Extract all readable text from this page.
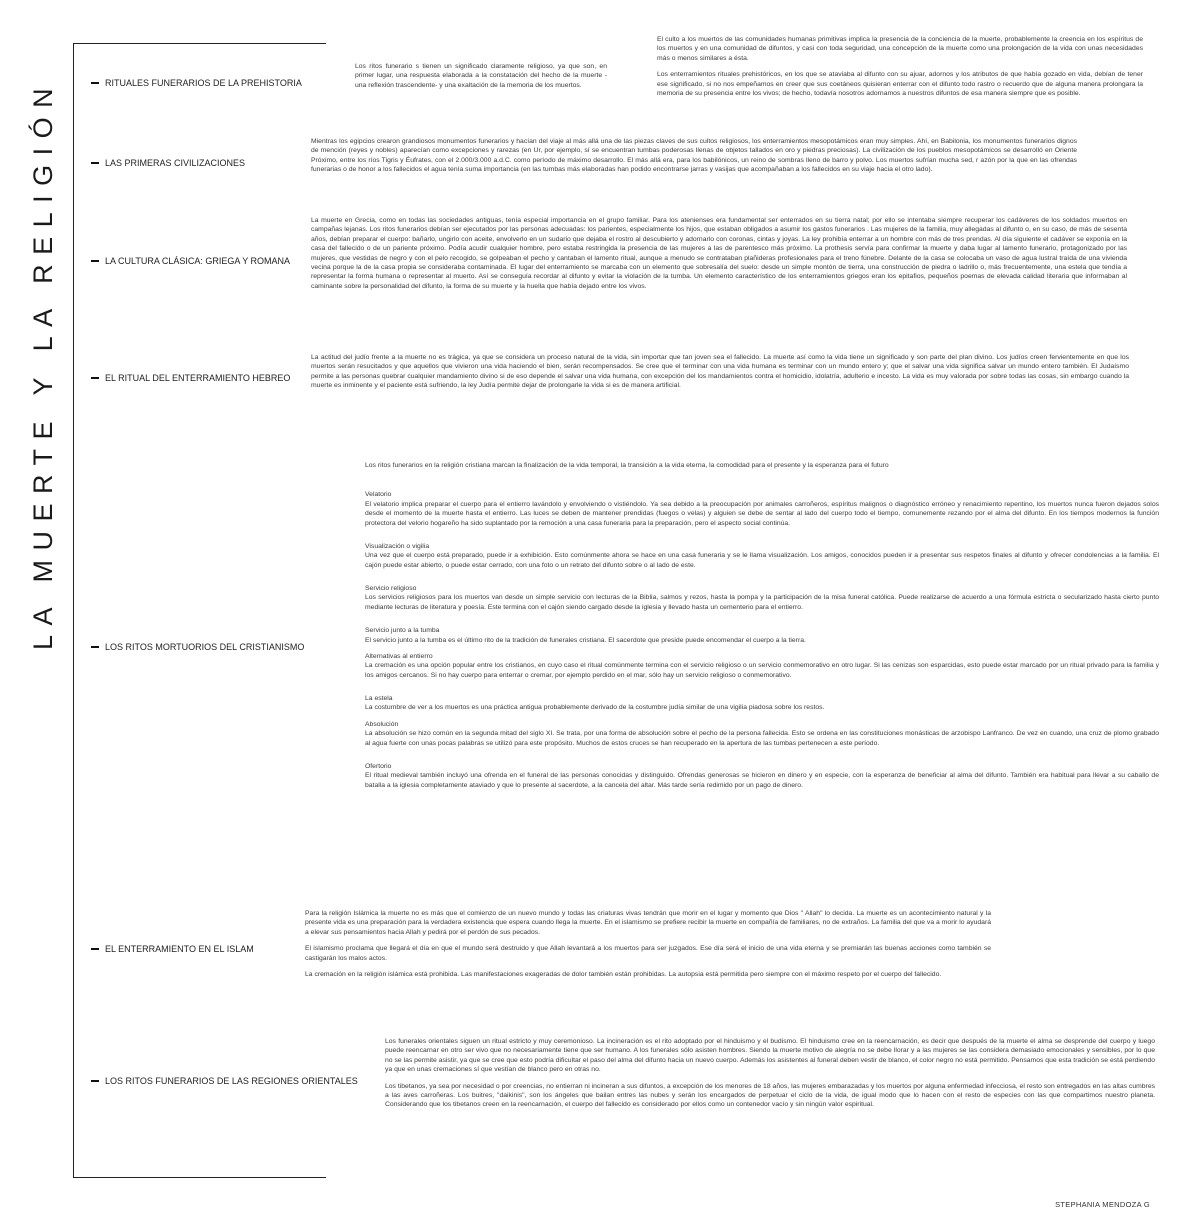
LA MUERTE Y LA RELIGIÓN	RITUALES FUNERARIOS DE LA PREHISTORIA
Los ritos funerario s tienen un significado claramente religioso, ya que son, en primer lugar, una respuesta elaborada a la constatación del hecho de la muerte -una reflexión trascendente- y una exaltación de la memoria de los muertos.

El culto a los muertos de las comunidades humanas primitivas implica la presencia de la conciencia de la muerte, probablemente la creencia en los espíritus de los muertos y en una comunidad de difuntos, y casi con toda seguridad, una concepción de la muerte como una prolongación de la vida con unas necesidades más o menos similares a ésta.

Los enterramientos rituales prehistóricos, en los que se ataviaba al difunto con su ajuar, adornos y los atributos de que había gozado en vida, debían de tener ese significado, si no nos empeñamos en creer que sus coetáneos quisieran enterrar con el difunto todo rastro o recuerdo que de alguna manera prolongara la memoria de su presencia entre los vivos; de hecho, todavía nosotros adornamos a nuestros difuntos de esa manera siempre que es posible.

LAS PRIMERAS CIVILIZACIONES
Mientras los egipcios crearon grandiosos monumentos funerarios y hacían del viaje al más allá una de las piezas claves de sus cultos religiosos, los enterramientos mesopotámicos eran muy simples. Ahí, en Babilonia, los monumentos funerarios dignos de mención (reyes y nobles) aparecían como excepciones y rarezas (en Ur, por ejemplo, sí se encuentran tumbas poderosas llenas de objetos tallados en oro y piedras preciosas). La civilización de los pueblos mesopotámicos se desarrolló en Oriente Próximo, entre los ríos Tigris y Éufrates, con el 2.000/3.000 a.d.C. como período de máximo desarrollo. El más allá era, para los babilónicos, un reino de sombras lleno de barro y polvo. Los muertos sufrían mucha sed, r azón por la que en las ofrendas funerarias o de honor a los fallecidos el agua tenía suma importancia (en las tumbas más elaboradas han podido encontrarse jarras y vasijas que acompañaban a los fallecidos en su viaje hacia el otro lado).
LA CULTURA CLÁSICA: GRIEGA Y ROMANA
La muerte en Grecia, como en todas las sociedades antiguas, tenía especial importancia en el grupo familiar. Para los atenienses era fundamental ser enterrados en su tierra natal; por ello se intentaba siempre recuperar los cadáveres de los soldados muertos en campañas lejanas. Los ritos funerarios debían ser ejecutados por las personas adecuadas: los parientes, especialmente los hijos, que estaban obligados a asumir los gastos funerarios . Las mujeres de la familia, muy allegadas al difunto o, en su caso, de más de sesenta años, debían preparar el cuerpo: bañarlo, ungirlo con aceite, envolverlo en un sudario que dejaba el rostro al descubierto y adornarlo con coronas, cintas y joyas. La ley prohibía enterrar a un hombre con más de tres prendas. Al día siguiente el cadáver se exponía en la casa del fallecido o de un pariente próximo. Podía acudir cualquier hombre, pero estaba restringida la presencia de las mujeres a las de parentesco más próximo. La prothesis servía para confirmar la muerte y daba lugar al lamento funerario, protagonizado por las mujeres, que vestidas de negro y con el pelo recogido, se golpeaban el pecho y cantaban el lamento ritual, aunque a menudo se contrataban plañideras profesionales para el treno fúnebre. Delante de la casa se colocaba un vaso de agua lustral traída de una vivienda vecina porque la de la casa propia se consideraba contaminada. El lugar del enterramiento se marcaba con un elemento que sobresalía del suelo: desde un simple montón de tierra, una construcción de piedra o ladrillo o, más frecuentemente, una estela que tendía a representar la forma humana o representar al muerto. Así se conseguía recordar al difunto y evitar la violación de la tumba. Un elemento característico de los enterramientos griegos eran los epitafios, pequeños poemas de elevada calidad literaria que informaban al caminante sobre la personalidad del difunto, la forma de su muerte y la huella que había dejado entre los vivos.
EL RITUAL DEL ENTERRAMIENTO HEBREO
La actitud del judío frente a la muerte no es trágica, ya que se considera un proceso natural de la vida, sin importar que tan joven sea el fallecido. La muerte así como la vida tiene un significado y son parte del plan divino. Los judíos creen fervientemente en que los muertos serán resucitados y que aquellos que vivieron una vida haciendo el bien, serán recompensados. Se cree que el terminar con una vida humana es terminar con un mundo entero y; que el salvar una vida significa salvar un mundo entero también. El Judaísmo permite a las personas quebrar cualquier mandamiento divino si de eso depende el salvar una vida humana, con excepción del los mandamientos contra el homicidio, idolatría, adulterio e incesto. La vida es muy valorada por sobre todas las cosas, sin embargo cuando la muerte es inminente y el paciente está sufriendo, la ley Judía permite dejar de prolongarle la vida si es de manera artificial.
LOS RITOS MORTUORIOS DEL CRISTIANISMO

Los ritos funerarios en la religión cristiana marcan la finalización de la vida temporal, la transición a la vida eterna, la comodidad para el presente y la esperanza para el futuro

Velatorio

El velatorio implica preparar el cuerpo para el entierro lavándolo y envolviendo o vistiéndolo. Ya sea debido a la preocupación por animales carroñeros, espíritus malignos o diagnóstico erróneo y renacimiento repentino, los muertos nunca fueron dejados solos desde el momento de la muerte hasta el entierro. Las luces se deben de mantener prendidas (fuegos o velas) y alguien se debe de sentar al lado del cuerpo todo el tiempo, comunemente rezando por el alma del difunto. En los tiempos modernos la función protectora del velorio hogareño ha sido suplantado por la remoción a una casa funeraria para la preparación, pero el aspecto social continúa.

Visualización o vigilia

Una vez que el cuerpo está preparado, puede ir a exhibición. Esto comúnmente ahora se hace en una casa funeraria y se le llama visualización. Los amigos, conocidos pueden ir a presentar sus respetos finales al difunto y ofrecer condolencias a la familia. El cajón puede estar abierto, o puede estar cerrado, con una foto o un retrato del difunto sobre o al lado de este.

Servicio religioso

Los servicios religiosos para los muertos van desde un simple servicio con lecturas de la Biblia, salmos y rezos, hasta la pompa y la participación de la misa funeral católica. Puede realizarse de acuerdo a una fórmula estricta o secularizado hasta cierto punto mediante lecturas de literatura y poesía. Este termina con el cajón siendo cargado desde la iglesia y llevado hasta un cementerio para el entierro.

Servicio junto a la tumba

El servicio junto a la tumba es el último rito de la tradición de funerales cristiana. El sacerdote que preside puede encomendar el cuerpo a la tierra.

Alternativas al entierro

La cremación es una opción popular entre los cristianos, en cuyo caso el ritual comúnmente termina con el servicio religioso o un servicio conmemorativo en otro lugar. Si las cenizas son esparcidas, esto puede estar marcado por un ritual privado para la familia y los amigos cercanos. Si no hay cuerpo para enterrar o cremar, por ejemplo perdido en el mar, sólo hay un servicio religioso o conmemorativo.

La estela

La costumbre de ver a los muertos es una práctica antigua probablemente derivado de la costumbre judía similar de una vigilia piadosa sobre los restos.

Absolución

La absolución se hizo común en la segunda mitad del siglo XI. Se trata, por una forma de absolución sobre el pecho de la persona fallecida. Esto se ordena en las constituciones monásticas de arzobispo Lanfranco. De vez en cuando, una cruz de plomo grabado al agua fuerte con unas pocas palabras se utilizó para este propósito. Muchos de estos cruces se han recuperado en la apertura de las tumbas pertenecen a este período.

Ofertorio

El ritual medieval también incluyó una ofrenda en el funeral de las personas conocidas y distinguido. Ofrendas generosas se hicieron en dinero y en especie, con la esperanza de beneficiar al alma del difunto. También era habitual para llevar a su caballo de batalla a la iglesia completamente ataviado y que lo presente al sacerdote, a la cancela del altar. Más tarde sería redimido por un pago de dinero.

EL ENTERRAMIENTO EN EL ISLAM

Para la religión Islámica la muerte no es más que el comienzo de un nuevo mundo y todas las criaturas vivas tendrán que morir en el lugar y momento que Dios " Allah" lo decida. La muerte es un acontecimiento natural y la presente vida es una preparación para la verdadera existencia que espera cuando llega la muerte. En el islamismo se prefiere recibir la muerte en compañía de familiares, no de extraños. La familia del que va a morir lo ayudará a elevar sus pensamientos hacia Allah y pedirá por el perdón de sus pecados.

El islamismo proclama que llegará el día en que el mundo será destruido y que Allah levantará a los muertos para ser juzgados. Ese día será el inicio de una vida eterna y se premiarán las buenas acciones como también se castigarán los malos actos.

La cremación en la religión islámica está prohibida. Las manifestaciones exageradas de dolor también están prohibidas. La autopsia está permitida pero siempre con el máximo respeto por el cuerpo del fallecido.

LOS RITOS FUNERARIOS DE LAS REGIONES ORIENTALES

Los funerales orientales siguen un ritual estricto y muy ceremonioso. La incineración es el rito adoptado por el hinduismo y el budismo. El hinduismo cree en la reencarnación, es decir que después de la muerte el alma se desprende del cuerpo y luego puede reencarnar en otro ser vivo que no necesariamente tiene que ser humano. A los funerales sólo asisten hombres. Siendo la muerte motivo de alegría no se debe llorar y a las mujeres se las considera demasiado emocionales y sensibles, por lo que no se las permite asistir, ya que se cree que esto podría dificultar el paso del alma del difunto hacia un nuevo cuerpo. Además los asistentes al funeral deben vestir de blanco, el color negro no está permitido. Pensamos que esta tradición se está perdiendo ya que en unas cremaciones sí que vestían de blanco pero en otras no.

Los tibetanos, ya sea por necesidad o por creencias, no entierran ni incineran a sus difuntos, a excepción de los menores de 18 años, las mujeres embarazadas y los muertos por alguna enfermedad infecciosa, el resto son entregados en las altas cumbres a las aves carroñeras. Los buitres, "daikinis", son los ángeles que bailan entres las nubes y serán los encargados de perpetuar el ciclo de la vida, de igual modo que lo hacen con el resto de especies con las que compartimos nuestro planeta. Considerando que los tibetanos creen en la reencarnación, el cuerpo del fallecido es considerado por ellos como un contenedor vacío y sin ningún valor espiritual.

STEPHANIA MENDOZA G
